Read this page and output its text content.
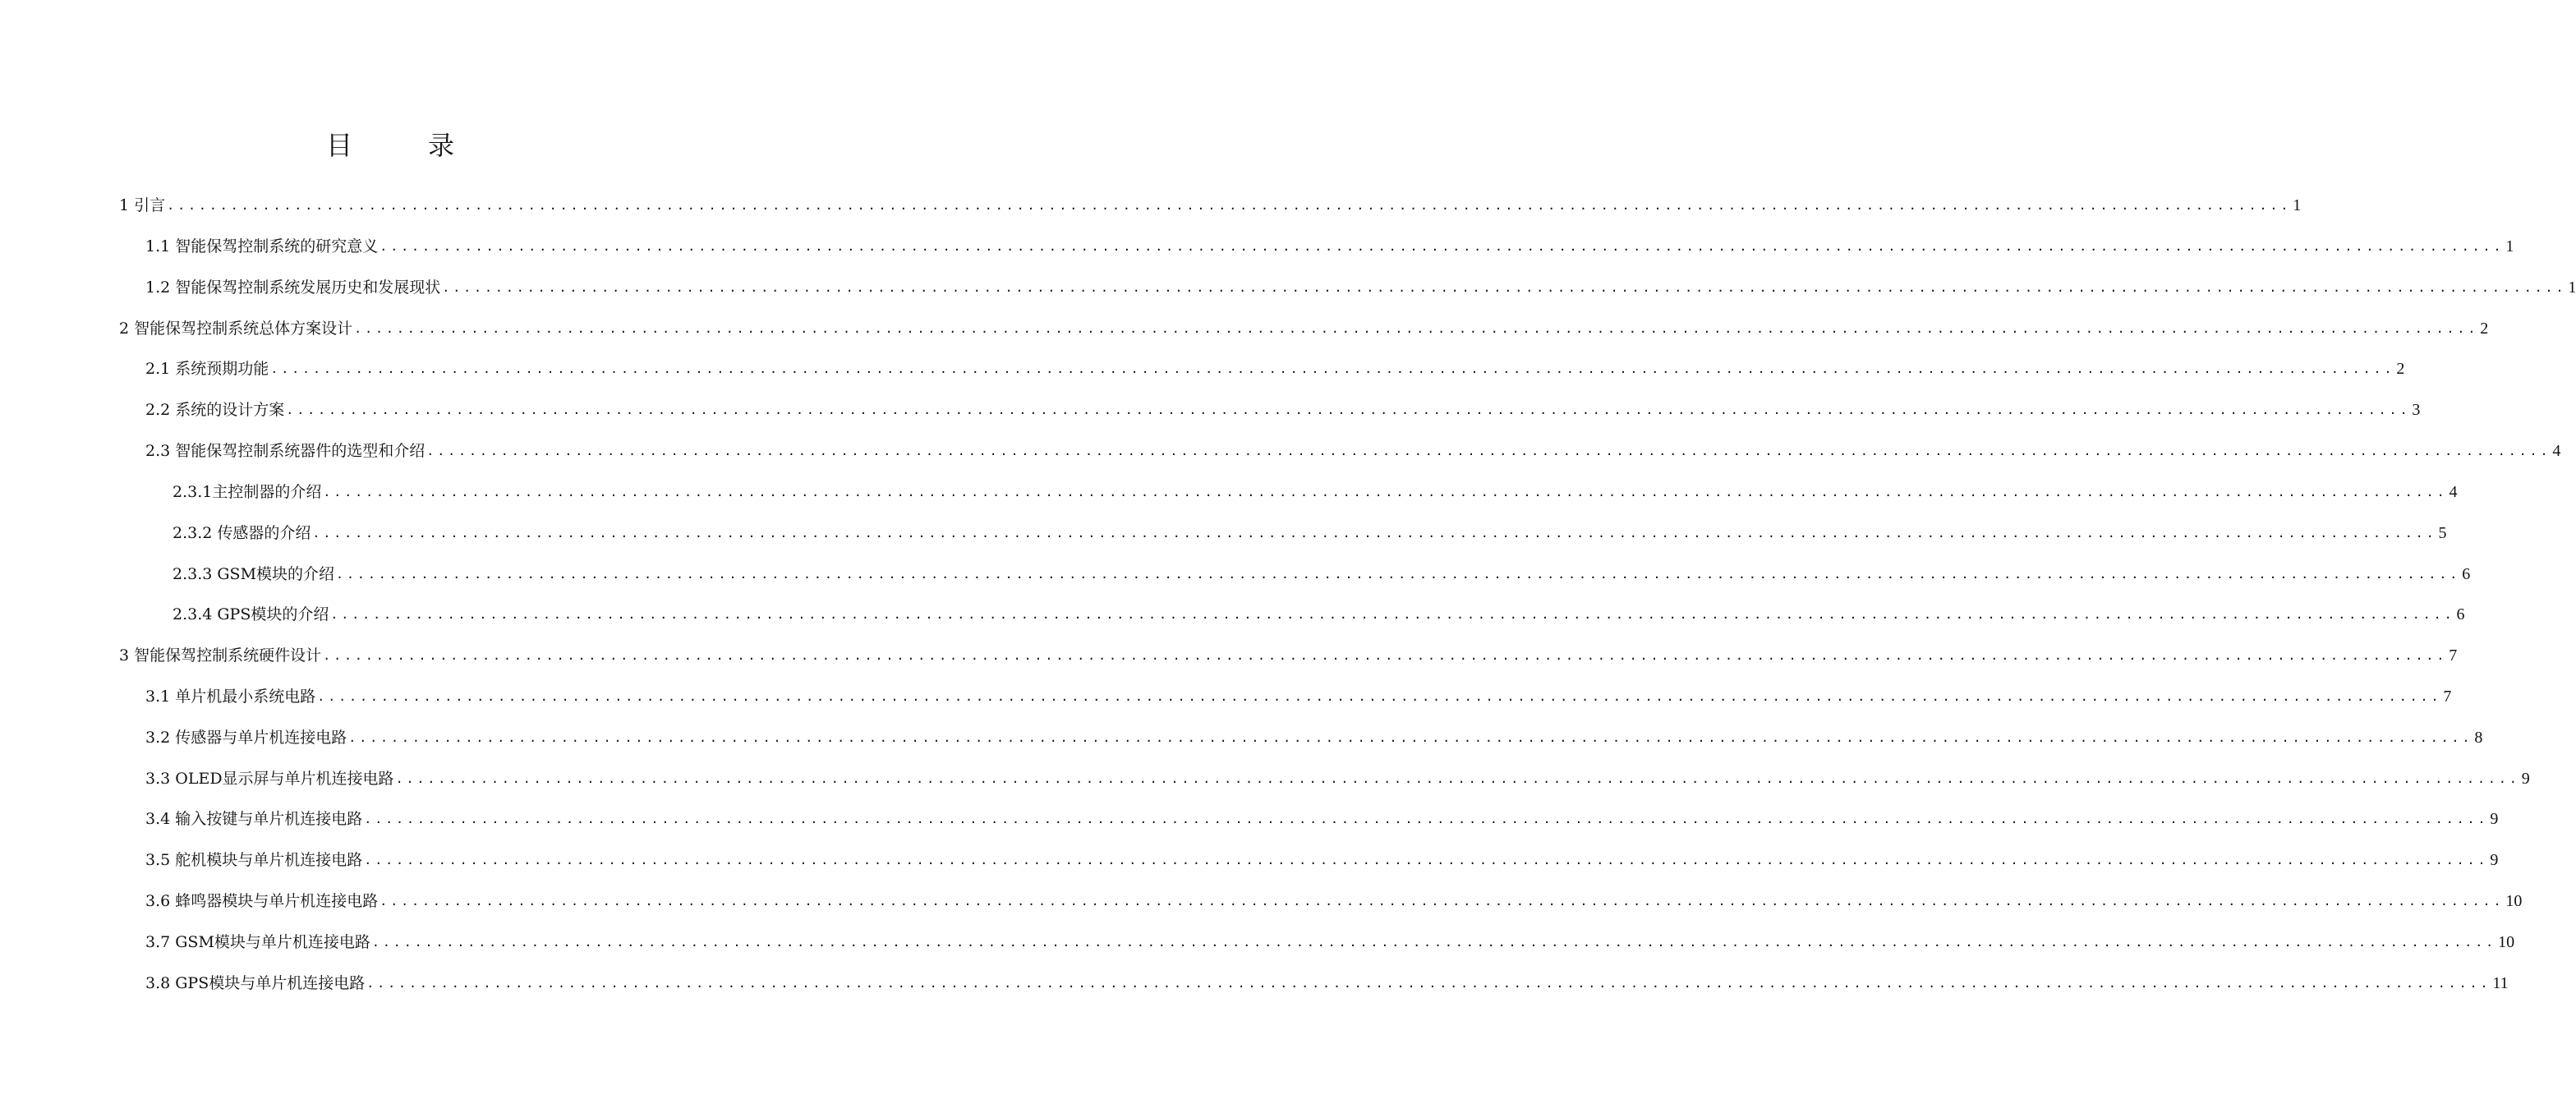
目　录
1 引言 ........................................................................................................................................................................................................ 1
1.1 智能保驾控制系统的研究意义 ........................................................................................................................................................................................................ 1
1.2 智能保驾控制系统发展历史和发展现状 ........................................................................................................................................................................................................ 1
2 智能保驾控制系统总体方案设计 ........................................................................................................................................................................................................ 2
2.1 系统预期功能 ........................................................................................................................................................................................................ 2
2.2 系统的设计方案 ........................................................................................................................................................................................................ 3
2.3 智能保驾控制系统器件的选型和介绍 ........................................................................................................................................................................................................ 4
2.3.1主控制器的介绍 ........................................................................................................................................................................................................ 4
2.3.2 传感器的介绍 ........................................................................................................................................................................................................ 5
2.3.3 GSM模块的介绍 ........................................................................................................................................................................................................ 6
2.3.4 GPS模块的介绍 ........................................................................................................................................................................................................ 6
3 智能保驾控制系统硬件设计 ........................................................................................................................................................................................................ 7
3.1 单片机最小系统电路 ........................................................................................................................................................................................................ 7
3.2 传感器与单片机连接电路 ........................................................................................................................................................................................................ 8
3.3 OLED显示屏与单片机连接电路 ........................................................................................................................................................................................................ 9
3.4 输入按键与单片机连接电路 ........................................................................................................................................................................................................ 9
3.5 舵机模块与单片机连接电路 ........................................................................................................................................................................................................ 9
3.6 蜂鸣器模块与单片机连接电路 ........................................................................................................................................................................................................ 10
3.7 GSM模块与单片机连接电路 ........................................................................................................................................................................................................ 10
3.8 GPS模块与单片机连接电路 ........................................................................................................................................................................................................ 11
